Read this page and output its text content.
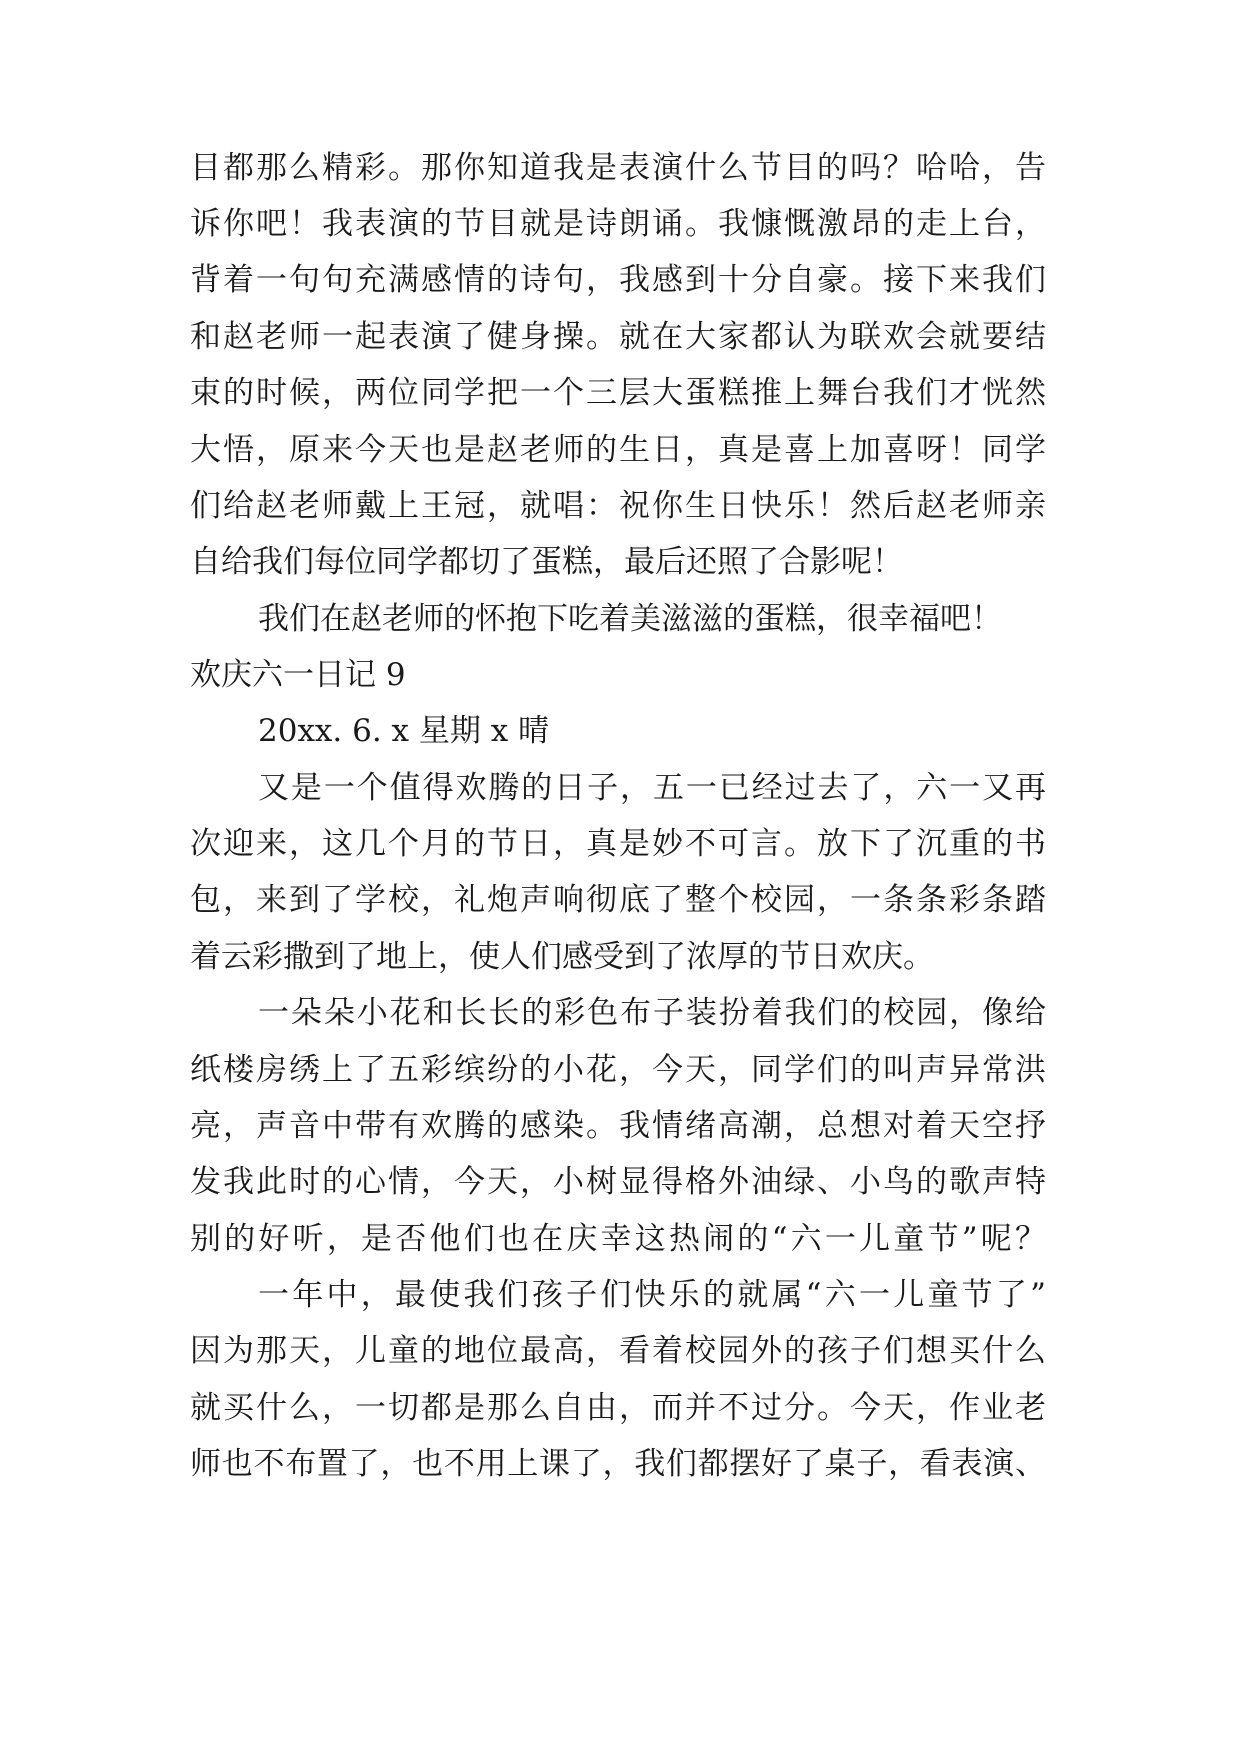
目都那么精彩。那你知道我是表演什么节目的吗？哈哈，告
诉你吧！我表演的节目就是诗朗诵。我慷慨激昂的走上台，
背着一句句充满感情的诗句，我感到十分自豪。接下来我们
和赵老师一起表演了健身操。就在大家都认为联欢会就要结
束的时候，两位同学把一个三层大蛋糕推上舞台我们才恍然
大悟，原来今天也是赵老师的生日，真是喜上加喜呀！同学
们给赵老师戴上王冠，就唱：祝你生日快乐！然后赵老师亲
自给我们每位同学都切了蛋糕，最后还照了合影呢！
我们在赵老师的怀抱下吃着美滋滋的蛋糕，很幸福吧！
欢庆六一日记 9
20xx. 6. x 星期 x 晴
又是一个值得欢腾的日子，五一已经过去了，六一又再
次迎来，这几个月的节日，真是妙不可言。放下了沉重的书
包，来到了学校，礼炮声响彻底了整个校园，一条条彩条踏
着云彩撒到了地上，使人们感受到了浓厚的节日欢庆。
一朵朵小花和长长的彩色布子装扮着我们的校园，像给
纸楼房绣上了五彩缤纷的小花，今天，同学们的叫声异常洪
亮，声音中带有欢腾的感染。我情绪高潮，总想对着天空抒
发我此时的心情，今天，小树显得格外油绿、小鸟的歌声特
别的好听，是否他们也在庆幸这热闹的“六一儿童节”呢？
一年中，最使我们孩子们快乐的就属“六一儿童节了”
因为那天，儿童的地位最高，看着校园外的孩子们想买什么
就买什么，一切都是那么自由，而并不过分。今天，作业老
师也不布置了，也不用上课了，我们都摆好了桌子，看表演、
